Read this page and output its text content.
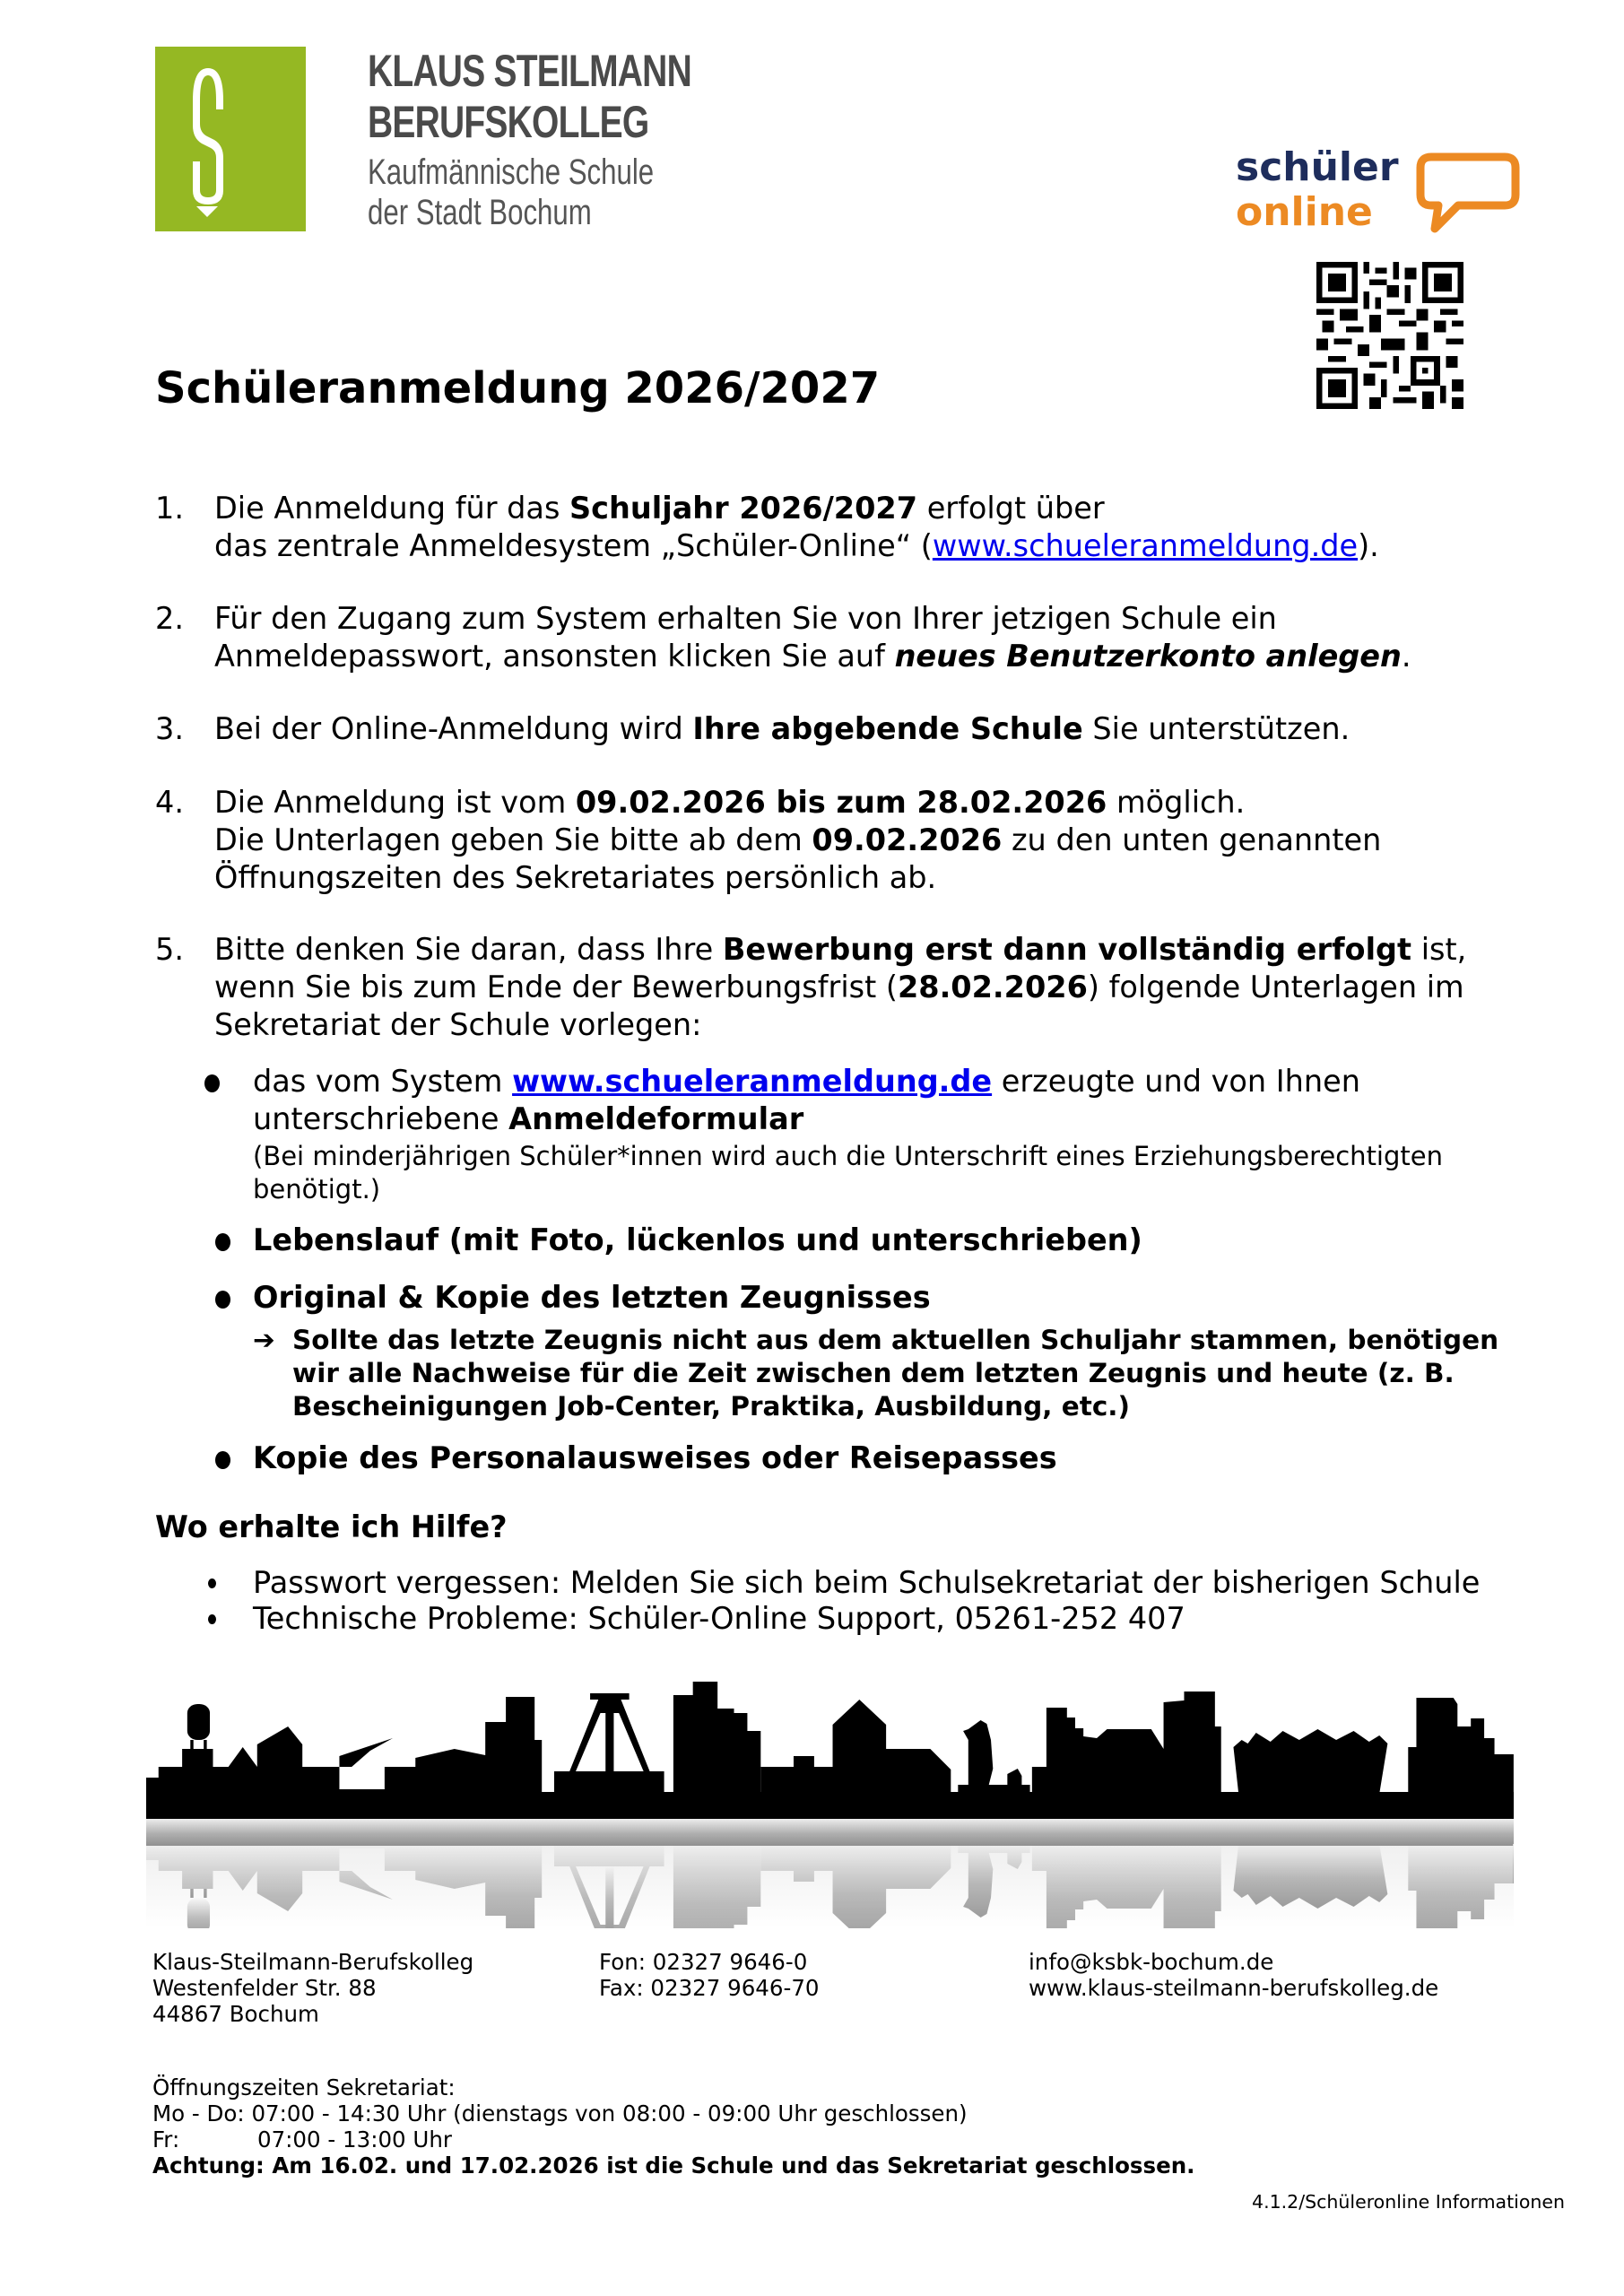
KLAUS STEILMANN
BERUFSKOLLEG
Kaufmännische Schule
der Stadt Bochum
schüler
online
Schüleranmeldung 2026/2027
1. Die Anmeldung für das Schuljahr 2026/2027 erfolgt über
das zentrale Anmeldesystem „Schüler-Online“ (www.schueleranmeldung.de).
2. Für den Zugang zum System erhalten Sie von Ihrer jetzigen Schule ein
Anmeldepasswort, ansonsten klicken Sie auf neues Benutzerkonto anlegen.
3. Bei der Online-Anmeldung wird Ihre abgebende Schule Sie unterstützen.
4. Die Anmeldung ist vom 09.02.2026 bis zum 28.02.2026 möglich.
Die Unterlagen geben Sie bitte ab dem 09.02.2026 zu den unten genannten
Öffnungszeiten des Sekretariates persönlich ab.
5. Bitte denken Sie daran, dass Ihre Bewerbung erst dann vollständig erfolgt ist,
wenn Sie bis zum Ende der Bewerbungsfrist (28.02.2026) folgende Unterlagen im
Sekretariat der Schule vorlegen:
das vom System www.schueleranmeldung.de erzeugte und von Ihnen
unterschriebene Anmeldeformular
(Bei minderjährigen Schüler*innen wird auch die Unterschrift eines Erziehungsberechtigten
benötigt.)
Lebenslauf (mit Foto, lückenlos und unterschrieben)
Original & Kopie des letzten Zeugnisses
➔ Sollte das letzte Zeugnis nicht aus dem aktuellen Schuljahr stammen, benötigen
wir alle Nachweise für die Zeit zwischen dem letzten Zeugnis und heute (z. B.
Bescheinigungen Job-Center, Praktika, Ausbildung, etc.)
Kopie des Personalausweises oder Reisepasses
Wo erhalte ich Hilfe?
Passwort vergessen: Melden Sie sich beim Schulsekretariat der bisherigen Schule
Technische Probleme: Schüler-Online Support, 05261-252 407
Klaus-Steilmann-Berufskolleg
Westenfelder Str. 88
44867 Bochum
Fon: 02327 9646-0
Fax: 02327 9646-70
info@ksbk-bochum.de
www.klaus-steilmann-berufskolleg.de
Öffnungszeiten Sekretariat:
Mo - Do: 07:00 - 14:30 Uhr (dienstags von 08:00 - 09:00 Uhr geschlossen)
Fr:	07:00 - 13:00 Uhr
Achtung: Am 16.02. und 17.02.2026 ist die Schule und das Sekretariat geschlossen.
4.1.2/Schüleronline Informationen
